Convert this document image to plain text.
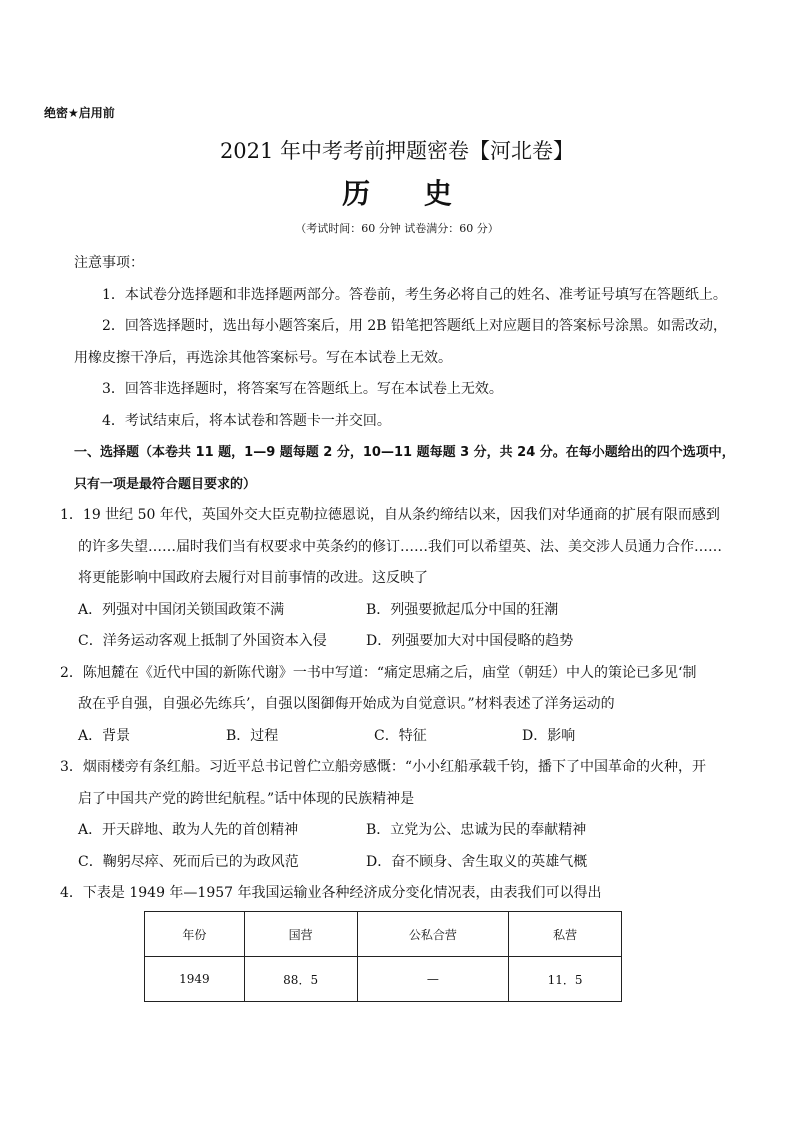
绝密★启用前
2021 年中考考前押题密卷【河北卷】
历 史
（考试时间：60 分钟 试卷满分：60 分）
注意事项：
1．本试卷分选择题和非选择题两部分。答卷前，考生务必将自己的姓名、准考证号填写在答题纸上。
2．回答选择题时，选出每小题答案后，用 2B 铅笔把答题纸上对应题目的答案标号涂黑。如需改动，
用橡皮擦干净后，再选涂其他答案标号。写在本试卷上无效。
3．回答非选择题时，将答案写在答题纸上。写在本试卷上无效。
4．考试结束后，将本试卷和答题卡一并交回。
一、选择题（本卷共 11 题，1—9 题每题 2 分，10—11 题每题 3 分，共 24 分。在每小题给出的四个选项中，
只有一项是最符合题目要求的）
1．19 世纪 50 年代，英国外交大臣克勒拉德恩说，自从条约缔结以来，因我们对华通商的扩展有限而感到
的许多失望……届时我们当有权要求中英条约的修订……我们可以希望英、法、美交涉人员通力合作……
将更能影响中国政府去履行对目前事情的改进。这反映了
A．列强对中国闭关锁国政策不满	B．列强要掀起瓜分中国的狂潮
C．洋务运动客观上抵制了外国资本入侵	D．列强要加大对中国侵略的趋势
2．陈旭麓在《近代中国的新陈代谢》一书中写道：“痛定思痛之后，庙堂（朝廷）中人的策论已多见‘制
敌在乎自强，自强必先练兵’，自强以图御侮开始成为自觉意识。”材料表述了洋务运动的
A．背景	B．过程	C．特征	D．影响
3．烟雨楼旁有条红船。习近平总书记曾伫立船旁感慨：“小小红船承载千钧，播下了中国革命的火种，开
启了中国共产党的跨世纪航程。”话中体现的民族精神是
A．开天辟地、敢为人先的首创精神	B．立党为公、忠诚为民的奉献精神
C．鞠躬尽瘁、死而后已的为政风范	D．奋不顾身、舍生取义的英雄气概
4．下表是 1949 年—1957 年我国运输业各种经济成分变化情况表，由表我们可以得出
年份	国营	公私合营	私营
1949	88．5	—	11．5
